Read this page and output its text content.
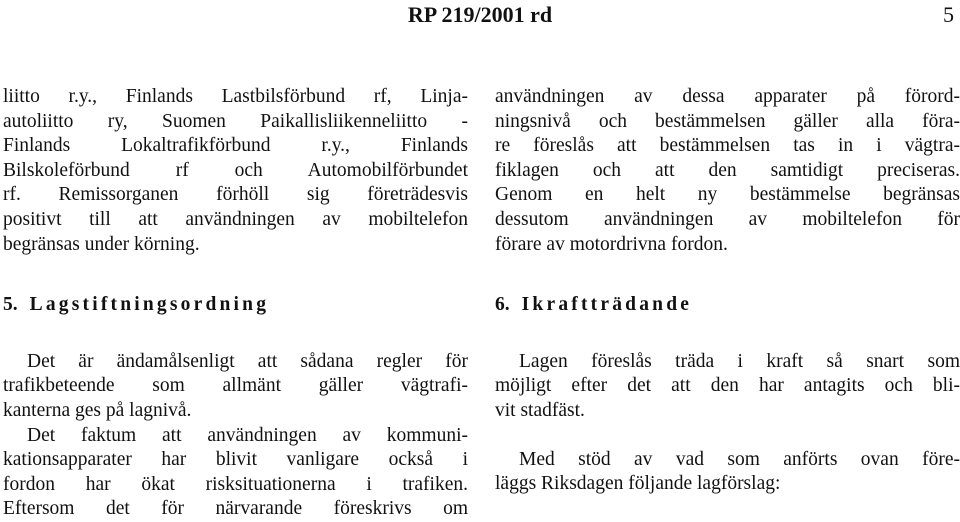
RP 219/2001 rd	5
liitto r.y., Finlands Lastbilsförbund rf, Linja-
autoliitto ry, Suomen Paikallisliikenneliitto -
Finlands Lokaltrafikförbund r.y., Finlands
Bilskoleförbund rf och Automobilförbundet
rf. Remissorganen förhöll sig företrädesvis
positivt till att användningen av mobiltelefon
begränsas under körning.
5. Lagstiftningsordning
Det är ändamålsenligt att sådana regler för
trafikbeteende som allmänt gäller vägtrafi-
kanterna ges på lagnivå.
Det faktum att användningen av kommuni-
kationsapparater har blivit vanligare också i
fordon har ökat risksituationerna i trafiken.
Eftersom det för närvarande föreskrivs om
användningen av dessa apparater på förord-
ningsnivå och bestämmelsen gäller alla föra-
re föreslås att bestämmelsen tas in i vägtra-
fiklagen och att den samtidigt preciseras.
Genom en helt ny bestämmelse begränsas
dessutom användningen av mobiltelefon för
förare av motordrivna fordon.
6. Ikraftträdande
Lagen föreslås träda i kraft så snart som
möjligt efter det att den har antagits och bli-
vit stadfäst.
Med stöd av vad som anförts ovan före-
läggs Riksdagen följande lagförslag:
